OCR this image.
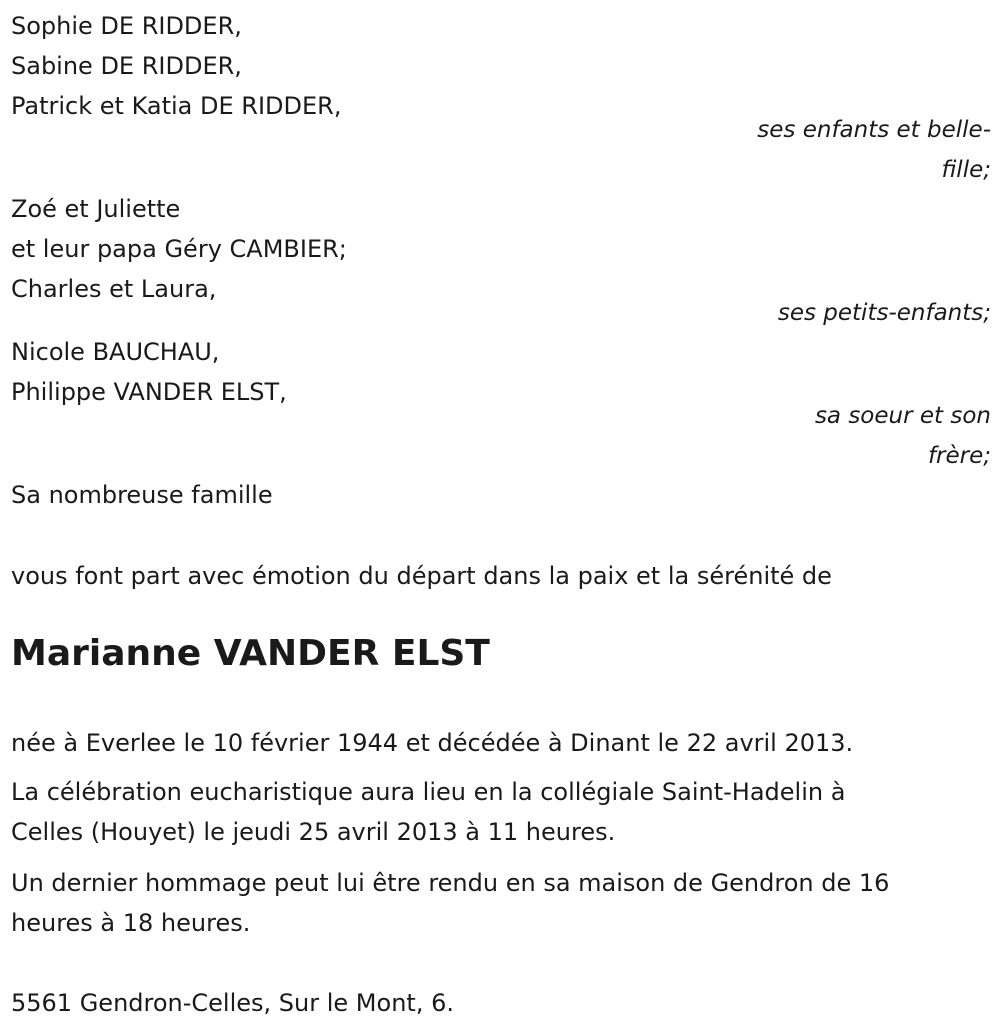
Sophie DE RIDDER,
Sabine DE RIDDER,
Patrick et Katia DE RIDDER,
ses enfants et belle-
fille;
Zoé et Juliette
et leur papa Géry CAMBIER;
Charles et Laura,
ses petits-enfants;
Nicole BAUCHAU,
Philippe VANDER ELST,
sa soeur et son
frère;
Sa nombreuse famille
vous font part avec émotion du départ dans la paix et la sérénité de
Marianne VANDER ELST
née à Everlee le 10 février 1944 et décédée à Dinant le 22 avril 2013.
La célébration eucharistique aura lieu en la collégiale Saint-Hadelin à
Celles (Houyet) le jeudi 25 avril 2013 à 11 heures.
Un dernier hommage peut lui être rendu en sa maison de Gendron de 16
heures à 18 heures.
5561 Gendron-Celles, Sur le Mont, 6.
